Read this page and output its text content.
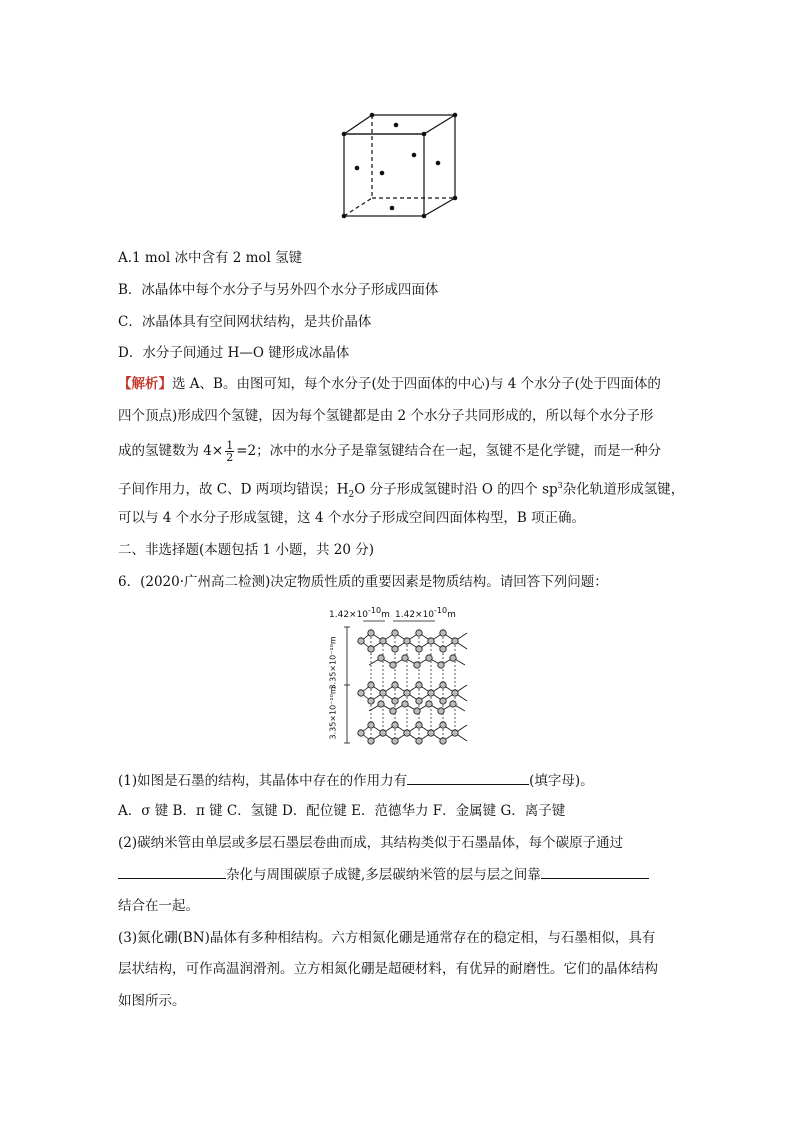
A.1 mol 冰中含有 2 mol 氢键
B．冰晶体中每个水分子与另外四个水分子形成四面体
C．冰晶体具有空间网状结构，是共价晶体
D．水分子间通过 H—O 键形成冰晶体
【解析】选 A、B。由图可知，每个水分子(处于四面体的中心)与 4 个水分子(处于四面体的
四个顶点)形成四个氢键，因为每个氢键都是由 2 个水分子共同形成的，所以每个水分子形
成的氢键数为 $4\times \frac{1}{2} =2$；冰中的水分子是靠氢键结合在一起，氢键不是化学键，而是一种分
子间作用力，故 C、D 两项均错误；$H_2O$ 分子形成氢键时沿 O 的四个 $sp^3$杂化轨道形成氢键，
可以与 4 个水分子形成氢键，这 4 个水分子形成空间四面体构型，B 项正确。
二、非选择题(本题包括 1 小题，共 20 分)
6．(2020·广州高二检测)决定物质性质的重要因素是物质结构。请回答下列问题：
$1.42\times 10^{-10}m$ $1.42\times 10^{-10}m$
3.35×10⁻¹⁰m
3.35×10⁻¹⁰m
(1)如图是石墨的结构，其晶体中存在的作用力有	(填字母)。
A．σ 键 B．π 键 C．氢键 D．配位键 E．范德华力 F．金属键 G．离子键
(2)碳纳米管由单层或多层石墨层卷曲而成，其结构类似于石墨晶体，每个碳原子通过
杂化与周围碳原子成键,多层碳纳米管的层与层之间靠
结合在一起。
(3)氮化硼(BN)晶体有多种相结构。六方相氮化硼是通常存在的稳定相，与石墨相似，具有
层状结构，可作高温润滑剂。立方相氮化硼是超硬材料，有优异的耐磨性。它们的晶体结构
如图所示。
